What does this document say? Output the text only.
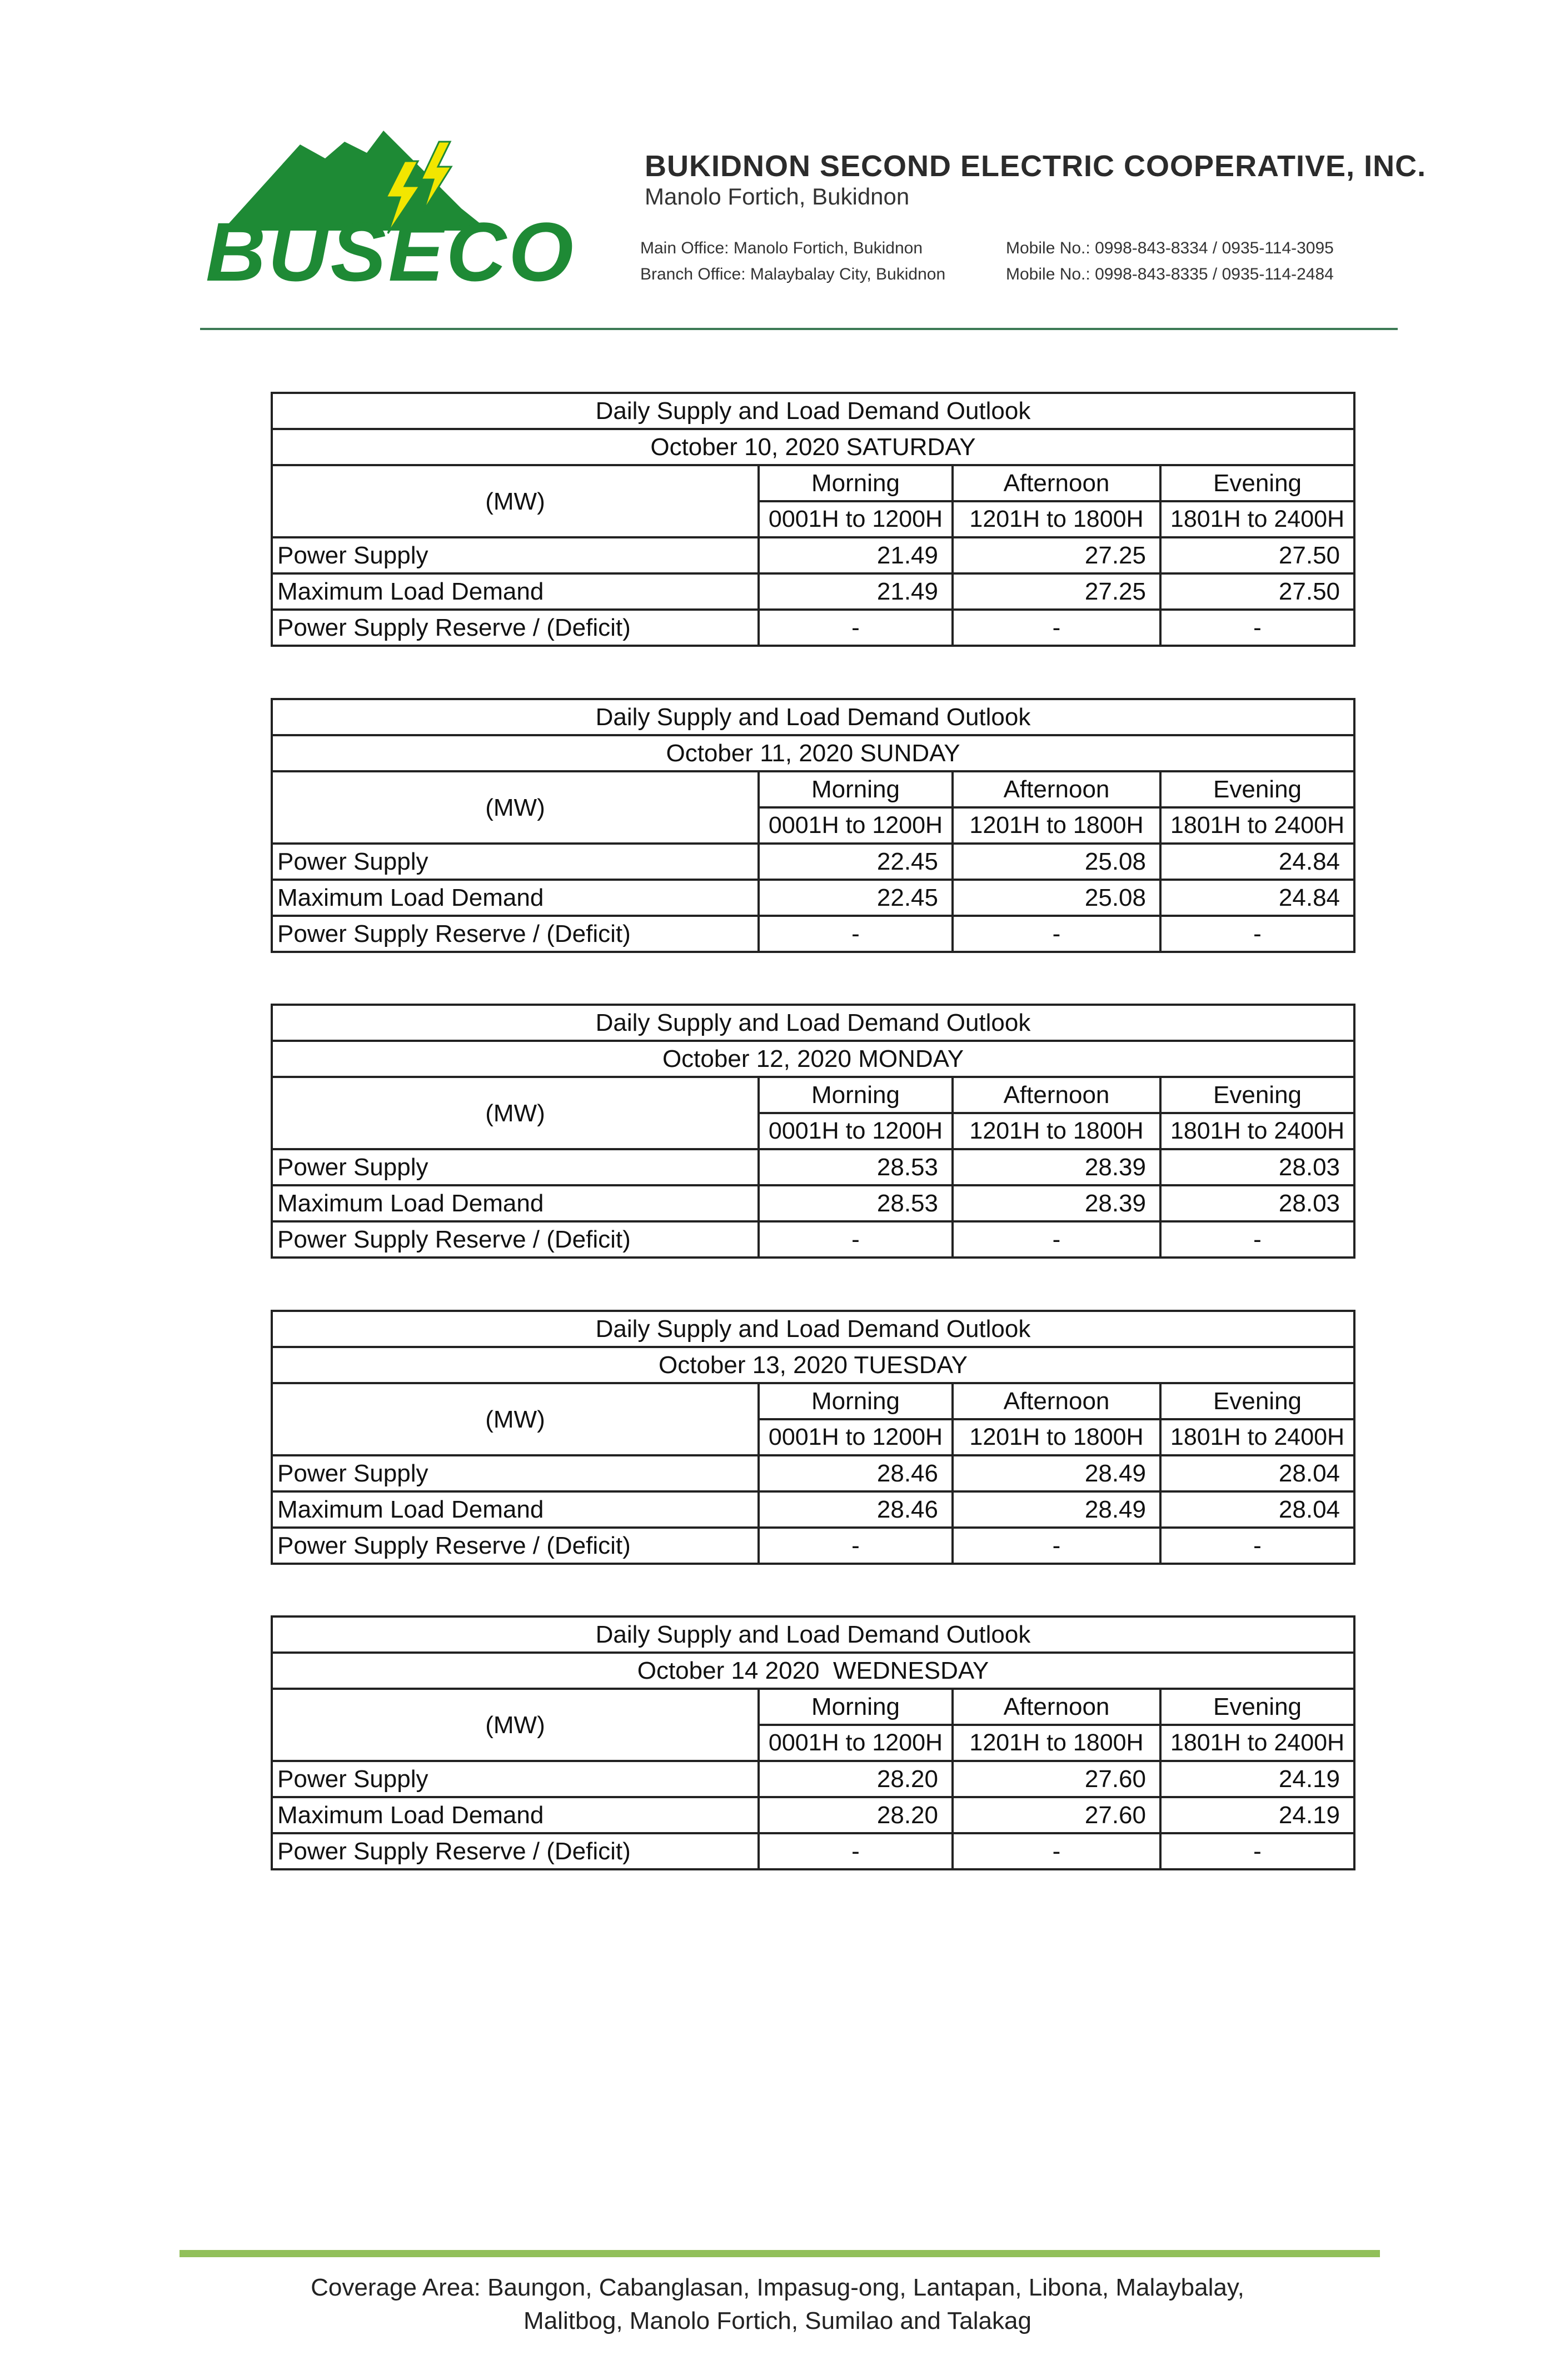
BUSECO
BUKIDNON SECOND ELECTRIC COOPERATIVE, INC.
Manolo Fortich, Bukidnon
Main Office: Manolo Fortich, Bukidnon	Mobile No.: 0998-843-8334 / 0935-114-3095
Branch Office: Malaybalay City, Bukidnon	Mobile No.: 0998-843-8335 / 0935-114-2484
Daily Supply and Load Demand Outlook			
October 10, 2020 SATURDAY			
(MW)	Morning	Afternoon	Evening
	0001H to 1200H	1201H to 1800H	1801H to 2400H
Power Supply	21.49	27.25	27.50
Maximum Load Demand	21.49	27.25	27.50
Power Supply Reserve / (Deficit)	-	-	-
Daily Supply and Load Demand Outlook			
October 11, 2020 SUNDAY			
(MW)	Morning	Afternoon	Evening
	0001H to 1200H	1201H to 1800H	1801H to 2400H
Power Supply	22.45	25.08	24.84
Maximum Load Demand	22.45	25.08	24.84
Power Supply Reserve / (Deficit)	-	-	-
Daily Supply and Load Demand Outlook			
October 12, 2020 MONDAY			
(MW)	Morning	Afternoon	Evening
	0001H to 1200H	1201H to 1800H	1801H to 2400H
Power Supply	28.53	28.39	28.03
Maximum Load Demand	28.53	28.39	28.03
Power Supply Reserve / (Deficit)	-	-	-
Daily Supply and Load Demand Outlook			
October 13, 2020 TUESDAY			
(MW)	Morning	Afternoon	Evening
	0001H to 1200H	1201H to 1800H	1801H to 2400H
Power Supply	28.46	28.49	28.04
Maximum Load Demand	28.46	28.49	28.04
Power Supply Reserve / (Deficit)	-	-	-
Daily Supply and Load Demand Outlook			
October 14 2020  WEDNESDAY			
(MW)	Morning	Afternoon	Evening
	0001H to 1200H	1201H to 1800H	1801H to 2400H
Power Supply	28.20	27.60	24.19
Maximum Load Demand	28.20	27.60	24.19
Power Supply Reserve / (Deficit)	-	-	-
Coverage Area: Baungon, Cabanglasan, Impasug-ong, Lantapan, Libona, Malaybalay,
Malitbog, Manolo Fortich, Sumilao and Talakag
